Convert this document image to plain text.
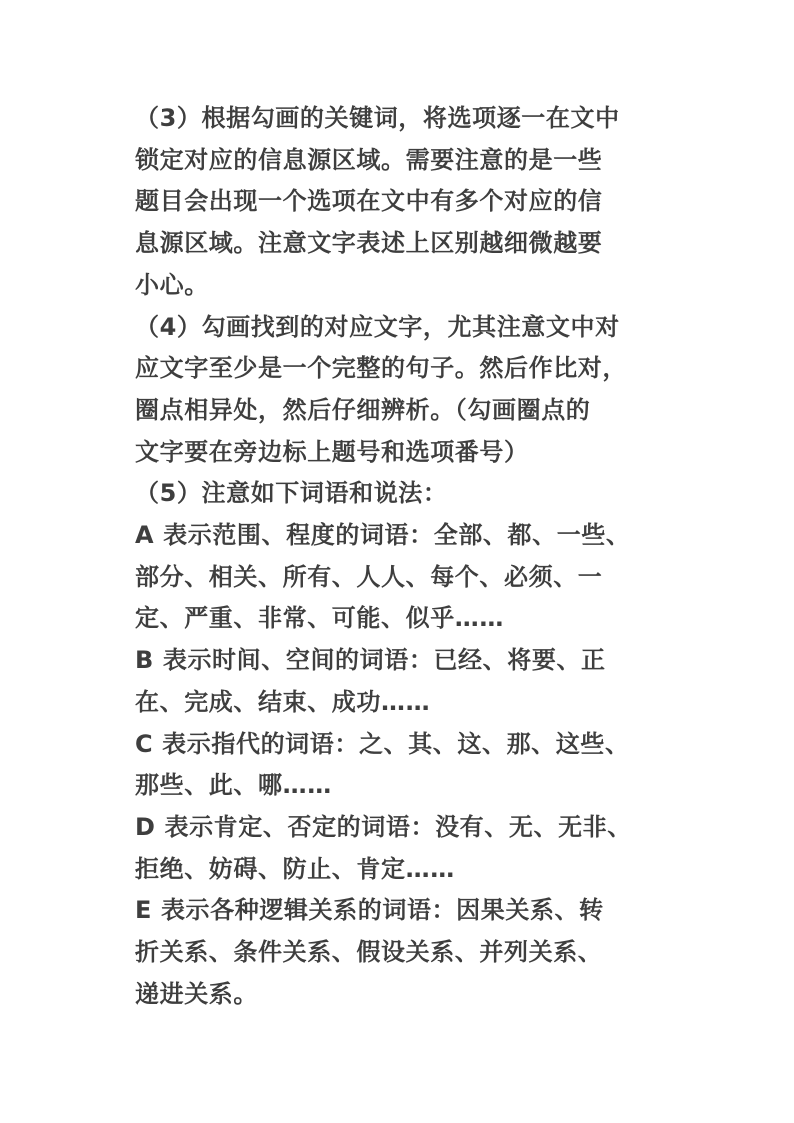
（3）根据勾画的关键词，将选项逐一在文中
锁定对应的信息源区域。需要注意的是一些
题目会出现一个选项在文中有多个对应的信
息源区域。注意文字表述上区别越细微越要
小心。
（4）勾画找到的对应文字，尤其注意文中对
应文字至少是一个完整的句子。然后作比对，
圈点相异处，然后仔细辨析。（勾画圈点的
文字要在旁边标上题号和选项番号）
（5）注意如下词语和说法：
A 表示范围、程度的词语：全部、都、一些、
部分、相关、所有、人人、每个、必须、一
定、严重、非常、可能、似乎……
B 表示时间、空间的词语：已经、将要、正
在、完成、结束、成功……
C 表示指代的词语：之、其、这、那、这些、
那些、此、哪……
D 表示肯定、否定的词语：没有、无、无非、
拒绝、妨碍、防止、肯定……
E 表示各种逻辑关系的词语：因果关系、转
折关系、条件关系、假设关系、并列关系、
递进关系。
